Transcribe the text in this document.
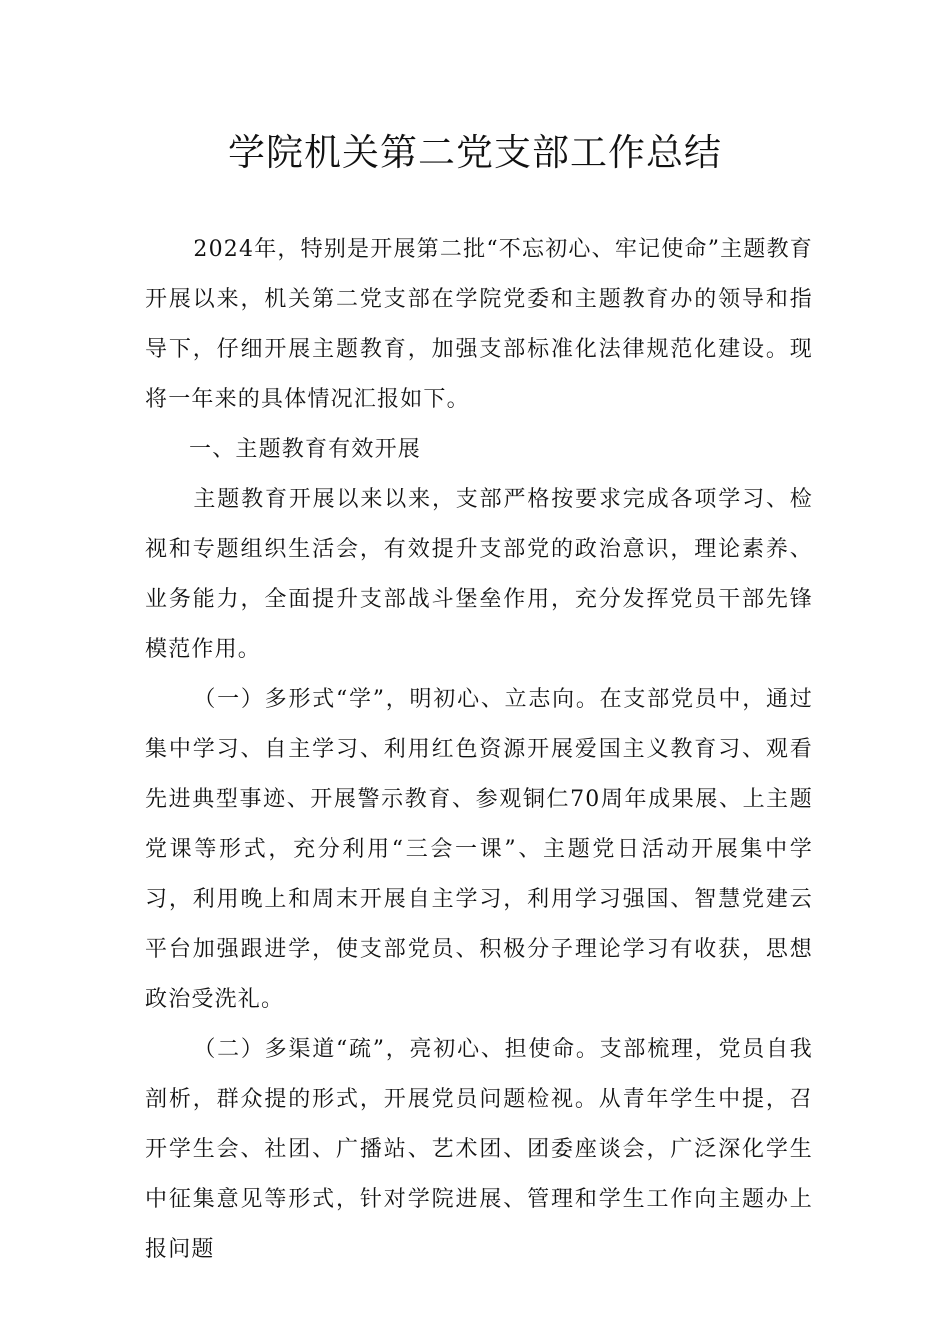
学院机关第二党支部工作总结

2024年，特别是开展第二批“不忘初心、牢记使命”主题教育开展以来，机关第二党支部在学院党委和主题教育办的领导和指导下，仔细开展主题教育，加强支部标准化法律规范化建设。现将一年来的具体情况汇报如下。

一、主题教育有效开展

主题教育开展以来以来，支部严格按要求完成各项学习、检视和专题组织生活会，有效提升支部党的政治意识，理论素养、业务能力，全面提升支部战斗堡垒作用，充分发挥党员干部先锋模范作用。

（一）多形式“学”，明初心、立志向。在支部党员中，通过集中学习、自主学习、利用红色资源开展爱国主义教育习、观看先进典型事迹、开展警示教育、参观铜仁70周年成果展、上主题党课等形式，充分利用“三会一课”、主题党日活动开展集中学习，利用晚上和周末开展自主学习，利用学习强国、智慧党建云平台加强跟进学，使支部党员、积极分子理论学习有收获，思想政治受洗礼。

（二）多渠道“疏”，亮初心、担使命。支部梳理，党员自我剖析，群众提的形式，开展党员问题检视。从青年学生中提，召开学生会、社团、广播站、艺术团、团委座谈会，广泛深化学生中征集意见等形式，针对学院进展、管理和学生工作向主题办上报问题
